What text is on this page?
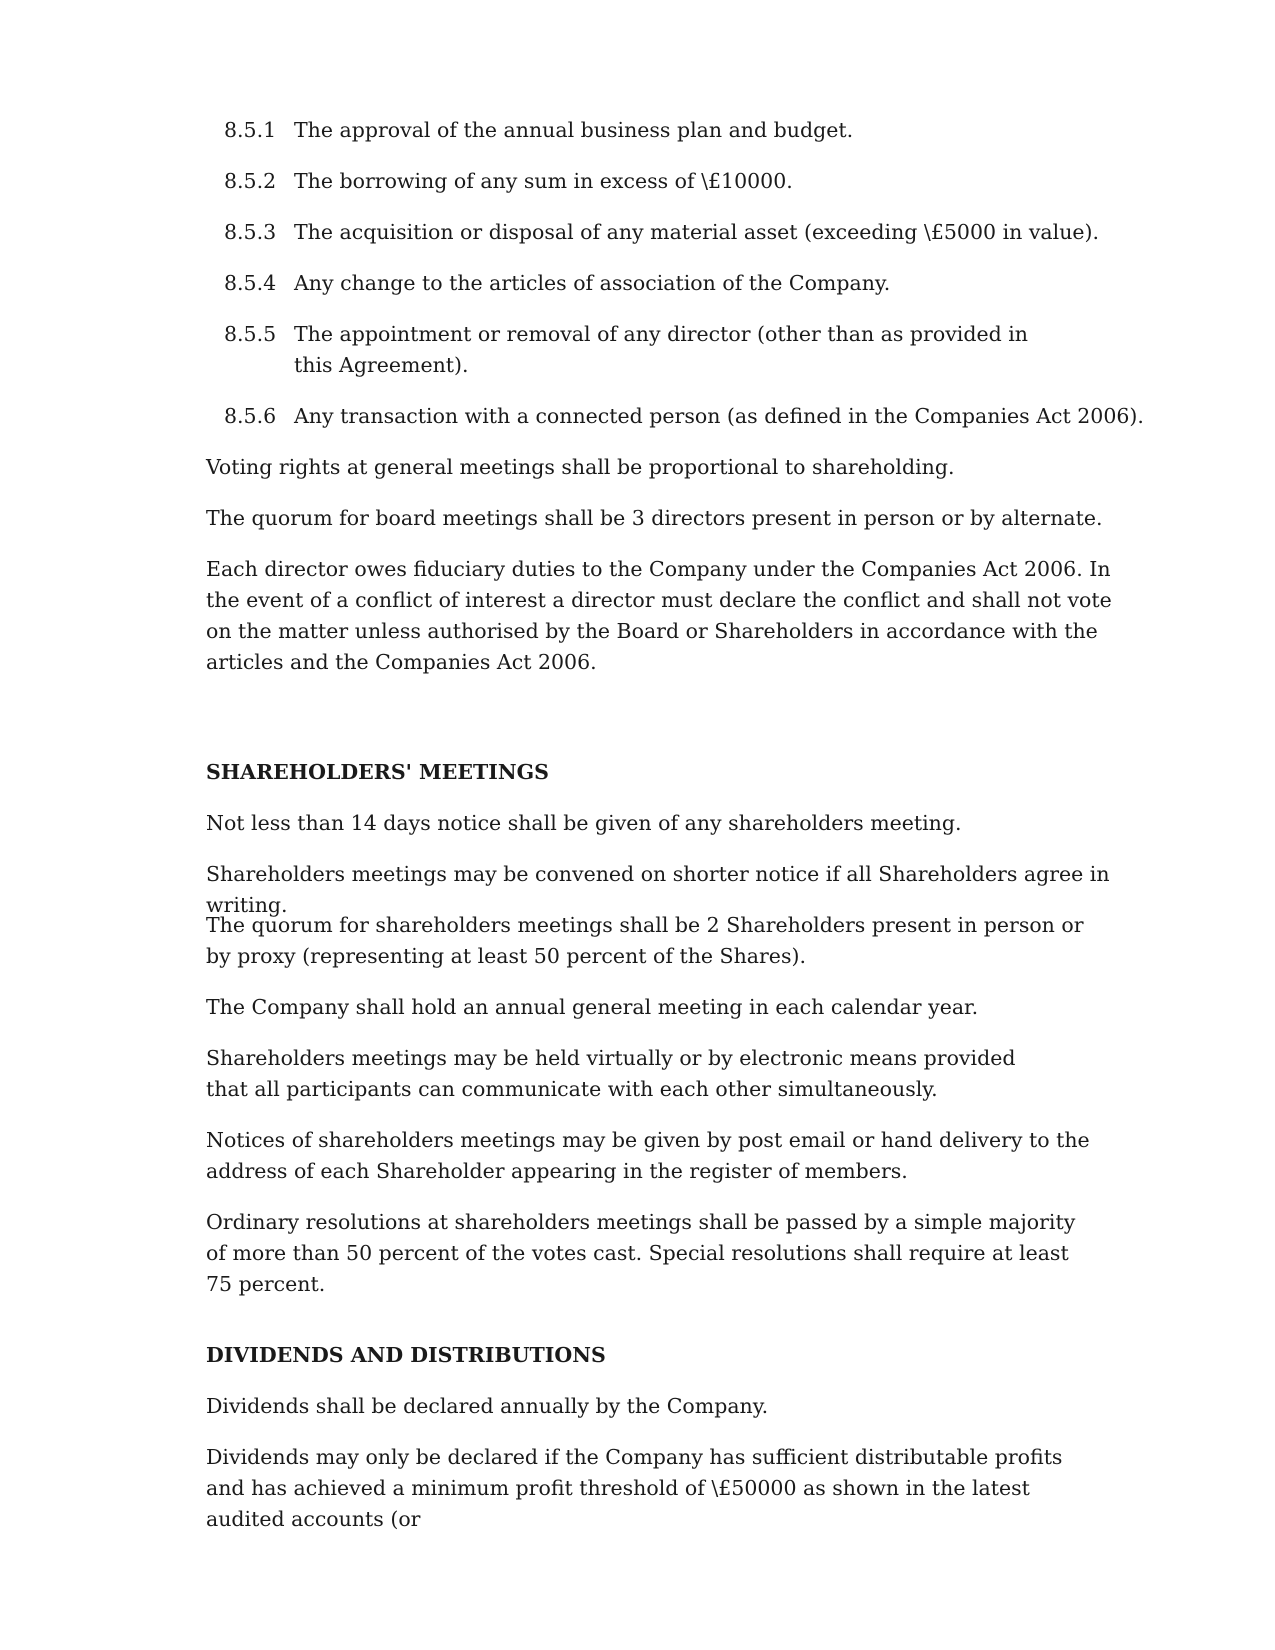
8.5.1 The approval of the annual business plan and budget.
8.5.2 The borrowing of any sum in excess of \£10000.
8.5.3 The acquisition or disposal of any material asset (exceeding \£5000 in value).
8.5.4 Any change to the articles of association of the Company.
8.5.5 The appointment or removal of any director (other than as provided in this Agreement).
8.5.6 Any transaction with a connected person (as defined in the Companies Act 2006).
Voting rights at general meetings shall be proportional to shareholding.
The quorum for board meetings shall be 3 directors present in person or by alternate.
Each director owes fiduciary duties to the Company under the Companies Act 2006. In the event of a conflict of interest a director must declare the conflict and shall not vote on the matter unless authorised by the Board or Shareholders in accordance with the articles and the Companies Act 2006.
SHAREHOLDERS' MEETINGS
Not less than 14 days notice shall be given of any shareholders meeting.
Shareholders meetings may be convened on shorter notice if all Shareholders agree in writing.
The quorum for shareholders meetings shall be 2 Shareholders present in person or by proxy (representing at least 50 percent of the Shares).
The Company shall hold an annual general meeting in each calendar year.
Shareholders meetings may be held virtually or by electronic means provided that all participants can communicate with each other simultaneously.
Notices of shareholders meetings may be given by post email or hand delivery to the address of each Shareholder appearing in the register of members.
Ordinary resolutions at shareholders meetings shall be passed by a simple majority of more than 50 percent of the votes cast. Special resolutions shall require at least 75 percent.
DIVIDENDS AND DISTRIBUTIONS
Dividends shall be declared annually by the Company.
Dividends may only be declared if the Company has sufficient distributable profits and has achieved a minimum profit threshold of \£50000 as shown in the latest audited accounts (or
